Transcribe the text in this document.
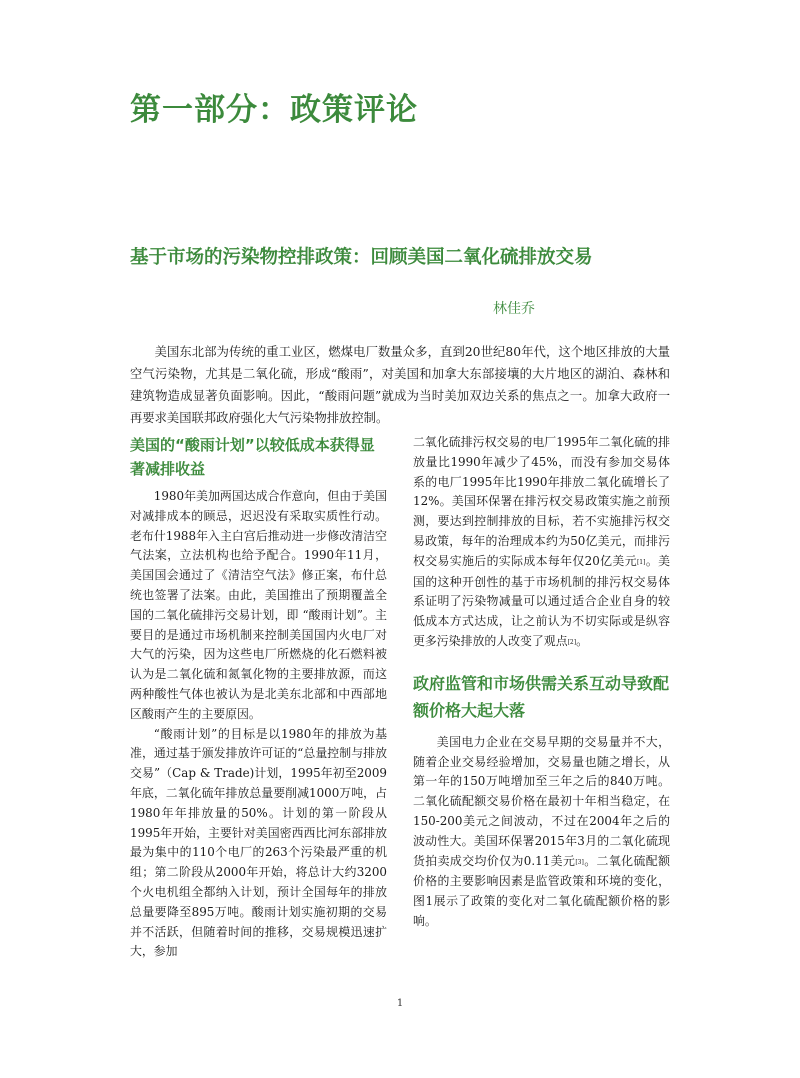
第一部分：政策评论
基于市场的污染物控排政策：回顾美国二氧化硫排放交易
林佳乔

美国东北部为传统的重工业区，燃煤电厂数量众多，直到20世纪80年代，这个地区排放的大量空气污染物，尤其是二氧化硫，形成“酸雨”，对美国和加拿大东部接壤的大片地区的湖泊、森林和建筑物造成显著负面影响。因此，“酸雨问题”就成为当时美加双边关系的焦点之一。加拿大政府一再要求美国联邦政府强化大气污染物排放控制。

美国的“酸雨计划”以较低成本获得显著减排收益

1980年美加两国达成合作意向，但由于美国对减排成本的顾忌，迟迟没有采取实质性行动。老布什1988年入主白宫后推动进一步修改清洁空气法案，立法机构也给予配合。1990年11月，美国国会通过了《清洁空气法》修正案，布什总统也签署了法案。由此，美国推出了预期覆盖全国的二氧化硫排污交易计划，即 “酸雨计划”。主要目的是通过市场机制来控制美国国内火电厂对大气的污染，因为这些电厂所燃烧的化石燃料被认为是二氧化硫和氮氧化物的主要排放源，而这两种酸性气体也被认为是北美东北部和中西部地区酸雨产生的主要原因。

“酸雨计划”的目标是以1980年的排放为基准，通过基于颁发排放许可证的“总量控制与排放交易”（Cap & Trade)计划，1995年初至2009年底，二氧化硫年排放总量要削减1000万吨，占1980年年排放量的50%。计划的第一阶段从1995年开始，主要针对美国密西西比河东部排放最为集中的110个电厂的263个污染最严重的机组；第二阶段从2000年开始，将总计大约3200个火电机组全都纳入计划，预计全国每年的排放总量要降至895万吨。酸雨计划实施初期的交易并不活跃，但随着时间的推移，交易规模迅速扩大，参加

二氧化硫排污权交易的电厂1995年二氧化硫的排放量比1990年减少了45%，而没有参加交易体系的电厂1995年比1990年排放二氧化硫增长了12%。美国环保署在排污权交易政策实施之前预测，要达到控制排放的目标，若不实施排污权交易政策，每年的治理成本约为50亿美元，而排污权交易实施后的实际成本每年仅20亿美元[1]。美国的这种开创性的基于市场机制的排污权交易体系证明了污染物减量可以通过适合企业自身的较低成本方式达成，让之前认为不切实际或是纵容更多污染排放的人改变了观点[2]。

政府监管和市场供需关系互动导致配额价格大起大落

美国电力企业在交易早期的交易量并不大，随着企业交易经验增加，交易量也随之增长，从第一年的150万吨增加至三年之后的840万吨。二氧化硫配额交易价格在最初十年相当稳定，在150-200美元之间波动，不过在2004年之后的波动性大。美国环保署2015年3月的二氧化硫现货拍卖成交均价仅为0.11美元[3]。二氧化硫配额价格的主要影响因素是监管政策和环境的变化，图1展示了政策的变化对二氧化硫配额价格的影响。

1
